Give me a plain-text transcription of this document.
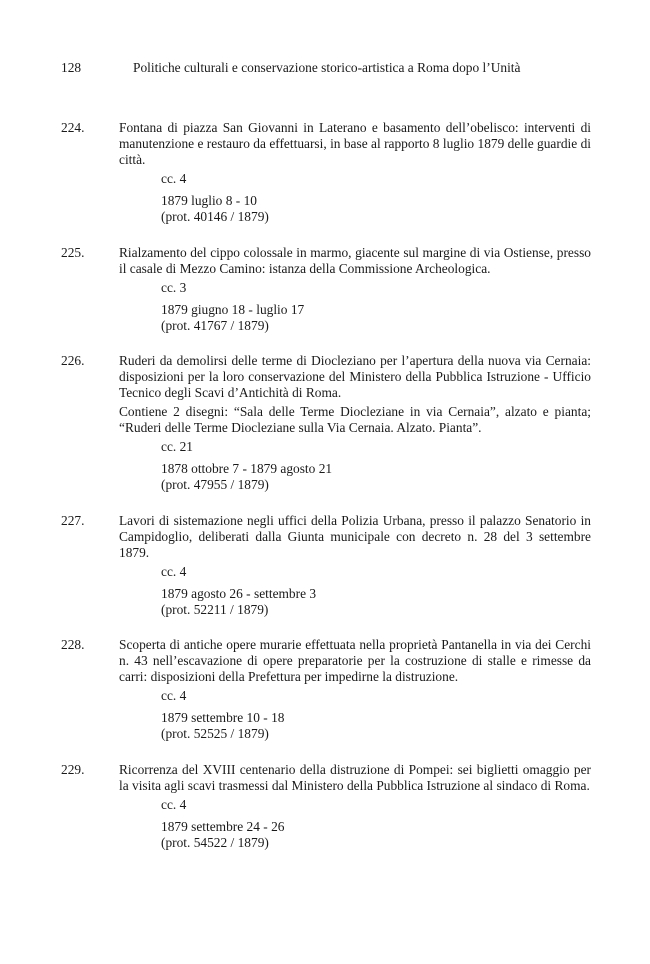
128	Politiche culturali e conservazione storico-artistica a Roma dopo l’Unità
224.	Fontana di piazza San Giovanni in Laterano e basamento dell’obelisco: interventi di manutenzione e restauro da effettuarsi, in base al rapporto 8 luglio 1879 delle guardie di città.

cc. 4
1879 luglio 8 - 10
(prot. 40146 / 1879)
225.	Rialzamento del cippo colossale in marmo, giacente sul margine di via Ostiense, presso il casale di Mezzo Camino: istanza della Commissione Archeologica.

cc. 3
1879 giugno 18 - luglio 17
(prot. 41767 / 1879)
226.	Ruderi da demolirsi delle terme di Diocleziano per l’apertura della nuova via Cernaia: disposizioni per la loro conservazione del Ministero della Pubblica Istruzione - Ufficio Tecnico degli Scavi d’Antichità di Roma.

Contiene 2 disegni: “Sala delle Terme Diocleziane in via Cernaia”, alzato e pianta; “Ruderi delle Terme Diocleziane sulla Via Cernaia. Alzato. Pianta”.

cc. 21
1878 ottobre 7 - 1879 agosto 21
(prot. 47955 / 1879)
227.	Lavori di sistemazione negli uffici della Polizia Urbana, presso il palazzo Senatorio in Campidoglio, deliberati dalla Giunta municipale con decreto n. 28 del 3 settembre 1879.

cc. 4
1879 agosto 26 - settembre 3
(prot. 52211 / 1879)
228.	Scoperta di antiche opere murarie effettuata nella proprietà Pantanella in via dei Cerchi n. 43 nell’escavazione di opere preparatorie per la costruzione di stalle e rimesse da carri: disposizioni della Prefettura per impedirne la distruzione.

cc. 4
1879 settembre 10 - 18
(prot. 52525 / 1879)
229.	Ricorrenza del XVIII centenario della distruzione di Pompei: sei biglietti omaggio per la visita agli scavi trasmessi dal Ministero della Pubblica Istruzione al sindaco di Roma.

cc. 4
1879 settembre 24 - 26
(prot. 54522 / 1879)
